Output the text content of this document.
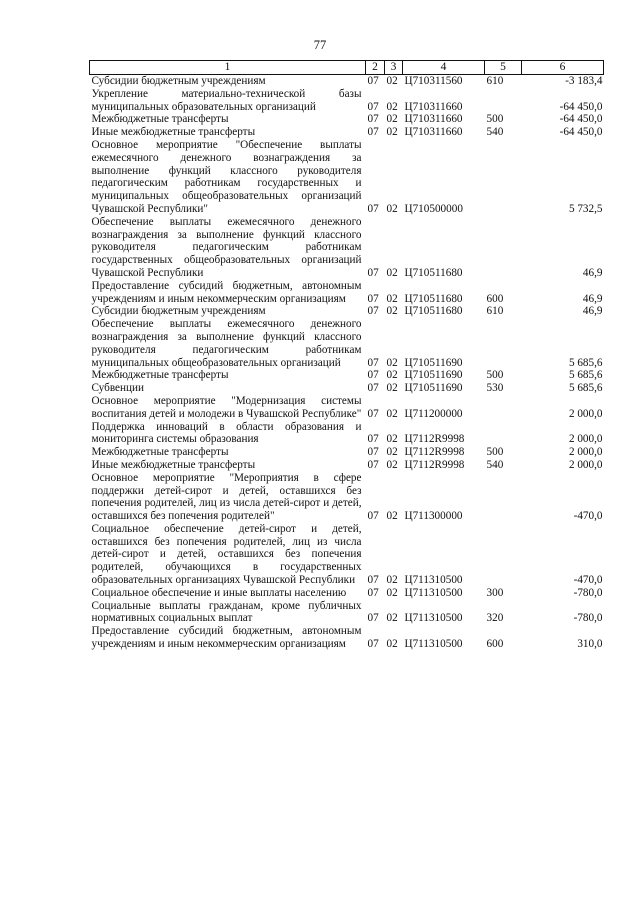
77
1	2	3	4	5	6
Субсидии бюджетным учреждениям	07	02	Ц710311560	610	-3 183,4
Укрепление материально-технической базы муниципальных образовательных организаций	07	02	Ц710311660		-64 450,0
Межбюджетные трансферты	07	02	Ц710311660	500	-64 450,0
Иные межбюджетные трансферты	07	02	Ц710311660	540	-64 450,0
Основное мероприятие "Обеспечение выплаты ежемесячного денежного вознаграждения за выполнение функций классного руководителя педагогическим работникам государственных и муниципальных общеобразовательных организаций Чувашской Республики"	07	02	Ц710500000		5 732,5
Обеспечение выплаты ежемесячного денежного вознаграждения за выполнение функций классного руководителя педагогическим работникам государственных общеобразовательных организаций Чувашской Республики	07	02	Ц710511680		46,9
Предоставление субсидий бюджетным, автономным учреждениям и иным некоммерческим организациям	07	02	Ц710511680	600	46,9
Субсидии бюджетным учреждениям	07	02	Ц710511680	610	46,9
Обеспечение выплаты ежемесячного денежного вознаграждения за выполнение функций классного руководителя педагогическим работникам муниципальных общеобразовательных организаций	07	02	Ц710511690		5 685,6
Межбюджетные трансферты	07	02	Ц710511690	500	5 685,6
Субвенции	07	02	Ц710511690	530	5 685,6
Основное мероприятие "Модернизация системы воспитания детей и молодежи в Чувашской Республике"	07	02	Ц711200000		2 000,0
Поддержка инноваций в области образования и мониторинга системы образования	07	02	Ц7112R9998		2 000,0
Межбюджетные трансферты	07	02	Ц7112R9998	500	2 000,0
Иные межбюджетные трансферты	07	02	Ц7112R9998	540	2 000,0
Основное мероприятие "Мероприятия в сфере поддержки детей-сирот и детей, оставшихся без попечения родителей, лиц из числа детей-сирот и детей, оставшихся без попечения родителей"	07	02	Ц711300000		-470,0
Социальное обеспечение детей-сирот и детей, оставшихся без попечения родителей, лиц из числа детей-сирот и детей, оставшихся без попечения родителей, обучающихся в государственных образовательных организациях Чувашской Республики	07	02	Ц711310500		-470,0
Социальное обеспечение и иные выплаты населению	07	02	Ц711310500	300	-780,0
Социальные выплаты гражданам, кроме публичных нормативных социальных выплат	07	02	Ц711310500	320	-780,0
Предоставление субсидий бюджетным, автономным учреждениям и иным некоммерческим организациям	07	02	Ц711310500	600	310,0
